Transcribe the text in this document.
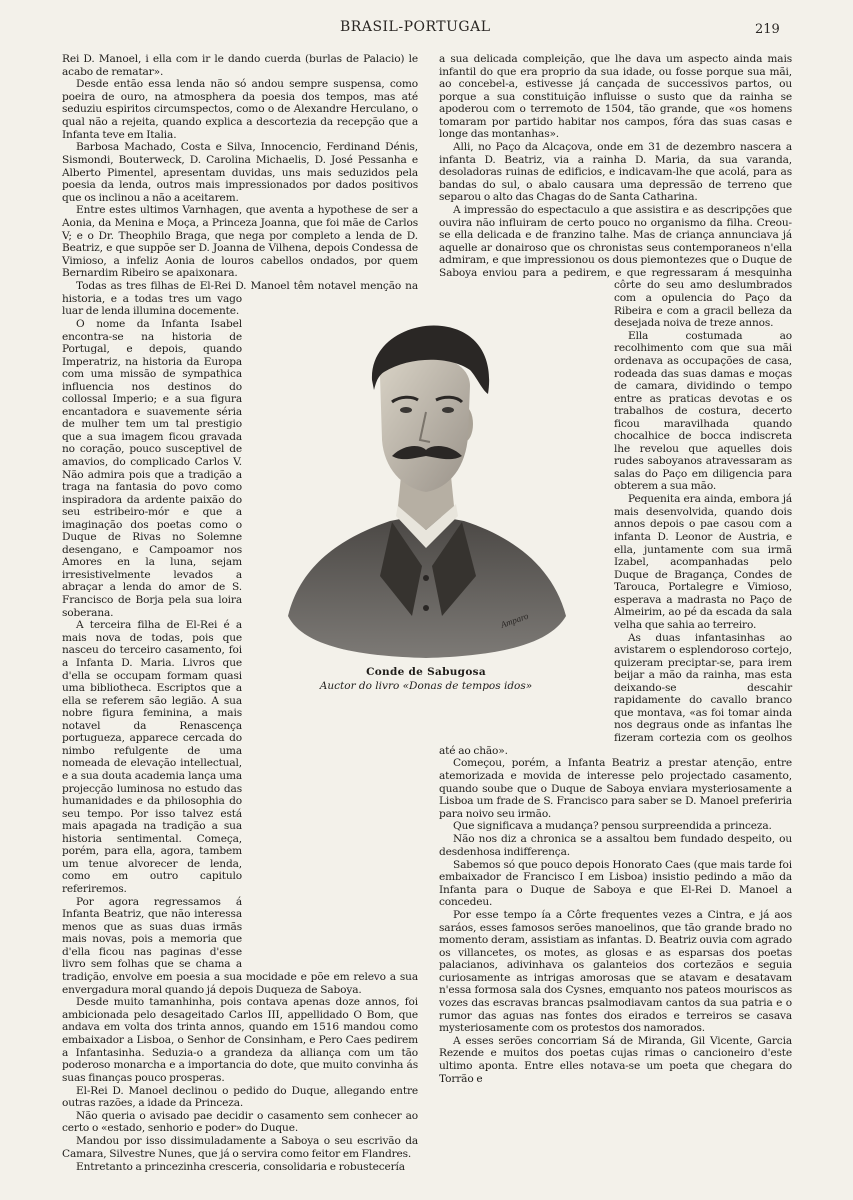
BRASIL-PORTUGAL	219

Rei D. Manoel, i ella com ir le dando cuerda (burlas de Palacio) le acabo de rematar».

Desde então essa lenda não só andou sempre suspensa, como poeira de ouro, na atmosphera da poesia dos tempos, mas até seduziu espiritos circumspectos, como o de Alexandre Herculano, o qual não a rejeita, quando explica a descortezia da recepção que a Infanta teve em Italia.

Barbosa Machado, Costa e Silva, Innocencio, Ferdinand Dénis, Sismondi, Bouterweck, D. Carolina Michaelis, D. José Pessanha e Alberto Pimentel, apresentam duvidas, uns mais seduzidos pela poesia da lenda, outros mais impressionados por dados positivos que os inclinou a não a aceitarem.

Entre estes ultimos Varnhagen, que aventa a hypothese de ser a Aonia, da Menina e Moça, a Princeza Joanna, que foi mãe de Carlos V; e o Dr. Theophilo Braga, que nega por completo a lenda de D. Beatriz, e que suppõe ser D. Joanna de Vilhena, depois Condessa de Vimioso, a infeliz Aonia de louros cabellos ondados, por quem Bernardim Ribeiro se apaixonara.

Todas as tres filhas de El-Rei D. Manoel têm notavel menção na historia, e a todas tres um vago luar de lenda illumina docemente.

O nome da Infanta Isabel encontra-se na historia de Portugal, e depois, quando Imperatriz, na historia da Europa com uma missão de sympathica influencia nos destinos do collossal Imperio; e a sua figura encantadora e suavemente séria de mulher tem um tal prestigio que a sua imagem ficou gravada no coração, pouco susceptivel de amavios, do complicado Carlos V. Não admira pois que a tradição a traga na fantasia do povo como inspiradora da ardente paixão do seu estribeiro-mór e que a imaginação dos poetas como o Duque de Rivas no Solemne desengano, e Campoamor nos Amores en la luna, sejam irresistivelmente levados a abraçar a lenda do amor de S. Francisco de Borja pela sua loira soberana.

A terceira filha de El-Rei é a mais nova de todas, pois que nasceu do terceiro casamento, foi a Infanta D. Maria. Livros que d'ella se occupam formam quasi uma bibliotheca. Escriptos que a ella se referem são legião. A sua nobre figura feminina, a mais notavel da Renascença portugueza, apparece cercada do nimbo refulgente de uma nomeada de elevação intellectual, e a sua douta academia lança uma projecção luminosa no estudo das humanidades e da philosophia do seu tempo. Por isso talvez está mais apagada na tradição a sua historia sentimental. Começa, porém, para ella, agora, tambem um tenue alvorecer de lenda, como em outro capitulo referiremos.

Por agora regressamos á Infanta Beatriz, que não interessa menos que as suas duas irmãs mais novas, pois a memoria que d'ella ficou nas paginas d'esse livro sem folhas que se chama a tradição, envolve em poesia a sua mocidade e põe em relevo a sua envergadura moral quando já depois Duqueza de Saboya.

Desde muito tamanhinha, pois contava apenas doze annos, foi ambicionada pelo desageitado Carlos III, appellidado O Bom, que andava em volta dos trinta annos, quando em 1516 mandou como embaixador a Lisboa, o Senhor de Consinham, e Pero Caes pedirem a Infantasinha. Seduzia-o a grandeza da alliança com um tão poderoso monarcha e a importancia do dote, que muito convinha ás suas finanças pouco prosperas.

El-Rei D. Manoel declinou o pedido do Duque, allegando entre outras razões, a idade da Princeza.

Não queria o avisado pae decidir o casamento sem conhecer ao certo o «estado, senhorio e poder» do Duque.

Mandou por isso dissimuladamente a Saboya o seu escrivão da Camara, Silvestre Nunes, que já o servira como feitor em Flandres.

Entretanto a princezinha cresceria, consolidaria e robustecería

a sua delicada compleição, que lhe dava um aspecto ainda mais infantil do que era proprio da sua idade, ou fosse porque sua mãi, ao concebel-a, estivesse já cançada de successivos partos, ou porque a sua constituição influisse o susto que da rainha se apoderou com o terremoto de 1504, tão grande, que «os homens tomaram por partido habitar nos campos, fóra das suas casas e longe das montanhas».

Alli, no Paço da Alcaçova, onde em 31 de dezembro nascera a infanta D. Beatriz, via a rainha D. Maria, da sua varanda, desoladoras ruinas de edificios, e indicavam-lhe que acolá, para as bandas do sul, o abalo causara uma depressão de terreno que separou o alto das Chagas do de Santa Catharina.

A impressão do espectaculo a que assistira e as descripções que ouvira não influiram de certo pouco no organismo da filha. Creou-se ella delicada e de franzino talhe. Mas de criança annunciava já aquelle ar donairoso que os chronistas seus contemporaneos n'ella admiram, e que impressionou os dous piemontezes que o Duque de Saboya enviou para a pedirem, e que regressaram á mesquinha côrte do seu amo deslumbrados com a opulencia do Paço da Ribeira e com a gracil belleza da desejada noiva de treze annos.

Ella costumada ao recolhimento com que sua mãi ordenava as occupações de casa, rodeada das suas damas e moças de camara, dividindo o tempo entre as praticas devotas e os trabalhos de costura, decerto ficou maravilhada quando chocalhice de bocca indiscreta lhe revelou que aquelles dois rudes saboyanos atravessaram as salas do Paço em diligencia para obterem a sua mão.

Pequenita era ainda, embora já mais desenvolvida, quando dois annos depois o pae casou com a infanta D. Leonor de Austria, e ella, juntamente com sua irmã Izabel, acompanhadas pelo Duque de Bragança, Condes de Tarouca, Portalegre e Vimioso, esperava a madrasta no Paço de Almeirim, ao pé da escada da sala velha que sahia ao terreiro.

As duas infantasinhas ao avistarem o esplendoroso cortejo, quizeram preciptar-se, para irem beijar a mão da rainha, mas esta deixando-se descahir rapidamente do cavallo branco que montava, «as foi tomar ainda nos degraus onde as infantas lhe fizeram cortezia com os geolhos até ao chão».

Começou, porém, a Infanta Beatriz a prestar atenção, entre atemorizada e movida de interesse pelo projectado casamento, quando soube que o Duque de Saboya enviara mysteriosamente a Lisboa um frade de S. Francisco para saber se D. Manoel preferiria para noivo seu irmão.

Que significava a mudança? pensou surpreendida a princeza.

Não nos diz a chronica se a assaltou bem fundado despeito, ou desdenhosa indifferença.

Sabemos só que pouco depois Honorato Caes (que mais tarde foi embaixador de Francisco I em Lisboa) insistio pedindo a mão da Infanta para o Duque de Saboya e que El-Rei D. Manoel a concedeu.

Por esse tempo ía a Côrte frequentes vezes a Cintra, e já aos saráos, esses famosos serões manoelinos, que tão grande brado no momento deram, assistiam as infantas. D. Beatriz ouvia com agrado os villancetes, os motes, as glosas e as esparsas dos poetas palacianos, adivinhava os galanteios dos cortezãos e seguia curiosamente as intrigas amorosas que se atavam e desatavam n'essa formosa sala dos Cysnes, emquanto nos pateos mouriscos as vozes das escravas brancas psalmodiavam cantos da sua patria e o rumor das aguas nas fontes dos eirados e terreiros se casava mysteriosamente com os protestos dos namorados.

A esses serões concorriam Sá de Miranda, Gil Vicente, Garcia Rezende e muitos dos poetas cujas rimas o cancioneiro d'este ultimo aponta. Entre elles notava-se um poeta que chegara do Torrão e

Amparo
Conde de Sabugosa
Auctor do livro «Donas de tempos idos»
